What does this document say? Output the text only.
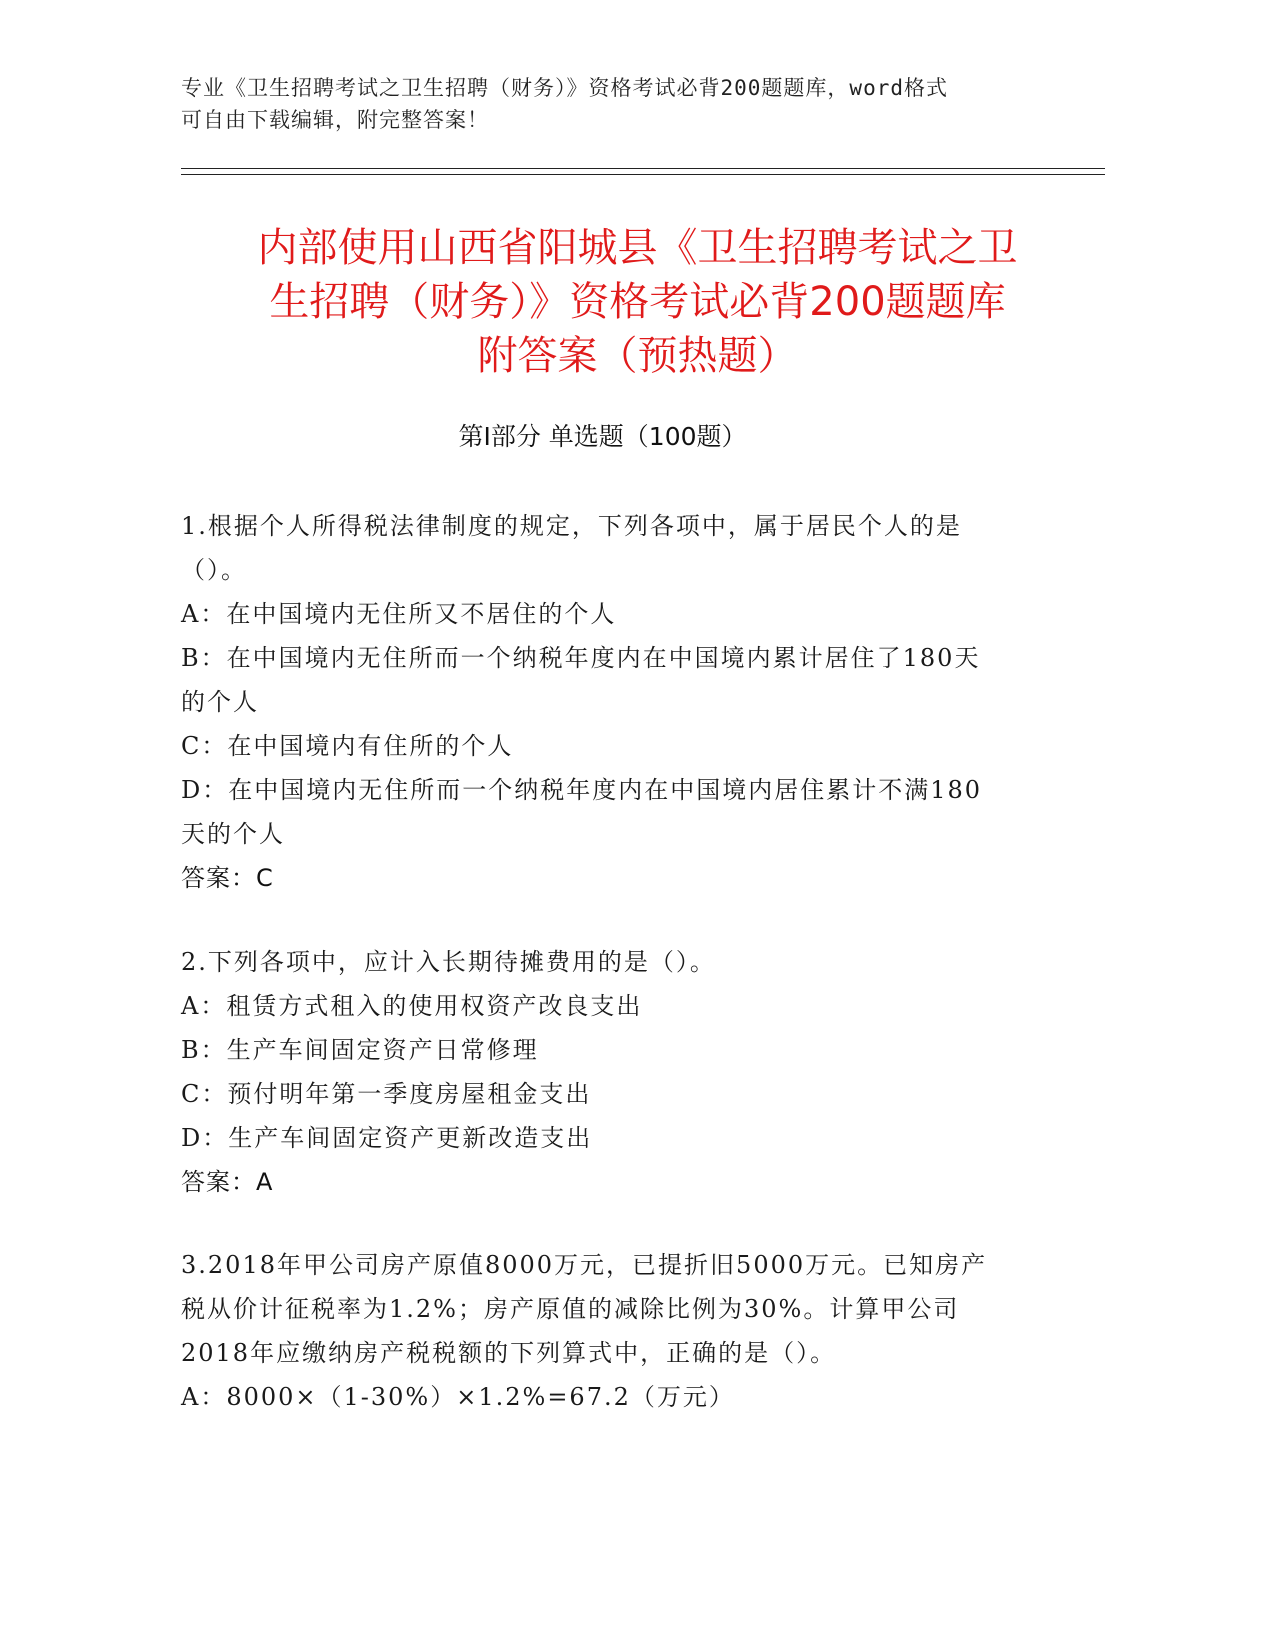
专业《卫生招聘考试之卫生招聘（财务）》资格考试必背200题题库，word格式
可自由下载编辑，附完整答案！
内部使用山西省阳城县《卫生招聘考试之卫
生招聘（财务）》资格考试必背200题题库
附答案（预热题）
第Ⅰ部分 单选题（100题）

1.根据个人所得税法律制度的规定，下列各项中，属于居民个人的是

（）。

A：在中国境内无住所又不居住的个人

B：在中国境内无住所而一个纳税年度内在中国境内累计居住了180天

的个人

C：在中国境内有住所的个人

D：在中国境内无住所而一个纳税年度内在中国境内居住累计不满180

天的个人

答案：C

2.下列各项中，应计入长期待摊费用的是（）。

A：租赁方式租入的使用权资产改良支出

B：生产车间固定资产日常修理

C：预付明年第一季度房屋租金支出

D：生产车间固定资产更新改造支出

答案：A

3.2018年甲公司房产原值8000万元，已提折旧5000万元。已知房产

税从价计征税率为1.2%；房产原值的减除比例为30%。计算甲公司

2018年应缴纳房产税税额的下列算式中，正确的是（）。

A：8000×（1-30%）×1.2%=67.2（万元）
